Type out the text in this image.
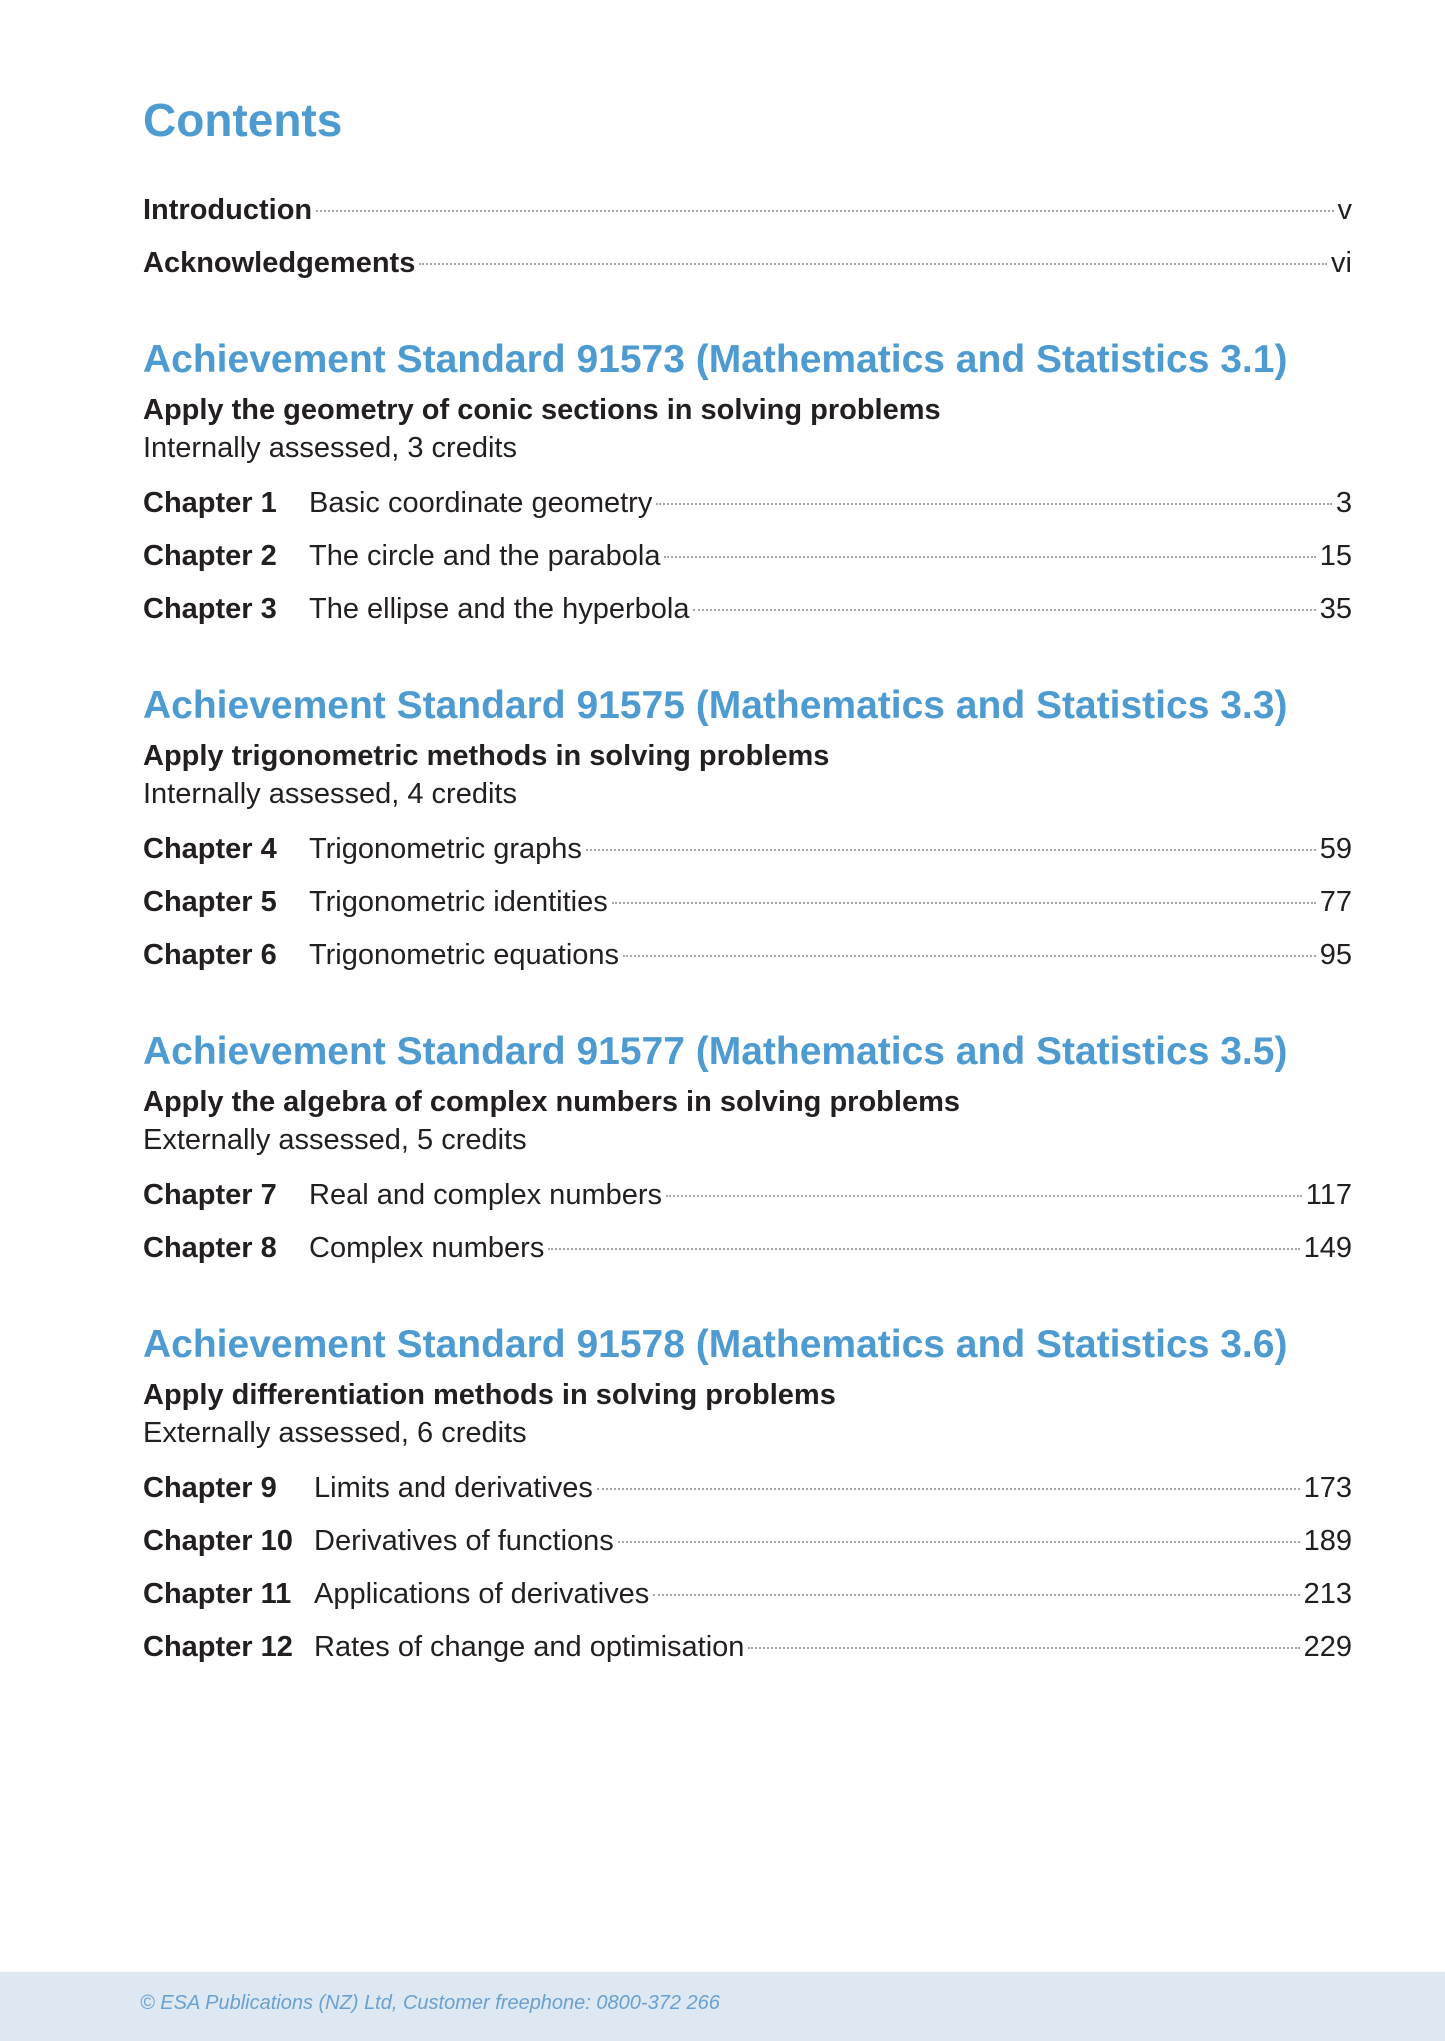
Contents
Introduction	v
Acknowledgements	vi
Achievement Standard 91573 (Mathematics and Statistics 3.1)

Apply the geometry of conic sections in solving problems

Internally assessed, 3 credits

Chapter 1	Basic coordinate geometry	3
Chapter 2	The circle and the parabola	15
Chapter 3	The ellipse and the hyperbola	35
Achievement Standard 91575 (Mathematics and Statistics 3.3)

Apply trigonometric methods in solving problems

Internally assessed, 4 credits

Chapter 4	Trigonometric graphs	59
Chapter 5	Trigonometric identities	77
Chapter 6	Trigonometric equations	95
Achievement Standard 91577 (Mathematics and Statistics 3.5)

Apply the algebra of complex numbers in solving problems

Externally assessed, 5 credits

Chapter 7	Real and complex numbers	117
Chapter 8	Complex numbers	149
Achievement Standard 91578 (Mathematics and Statistics 3.6)

Apply differentiation methods in solving problems

Externally assessed, 6 credits

Chapter 9	Limits and derivatives	173
Chapter 10 Derivatives of functions	189
Chapter 11 Applications of derivatives	213
Chapter 12 Rates of change and optimisation	229
© ESA Publications (NZ) Ltd, Customer freephone: 0800-372 266
